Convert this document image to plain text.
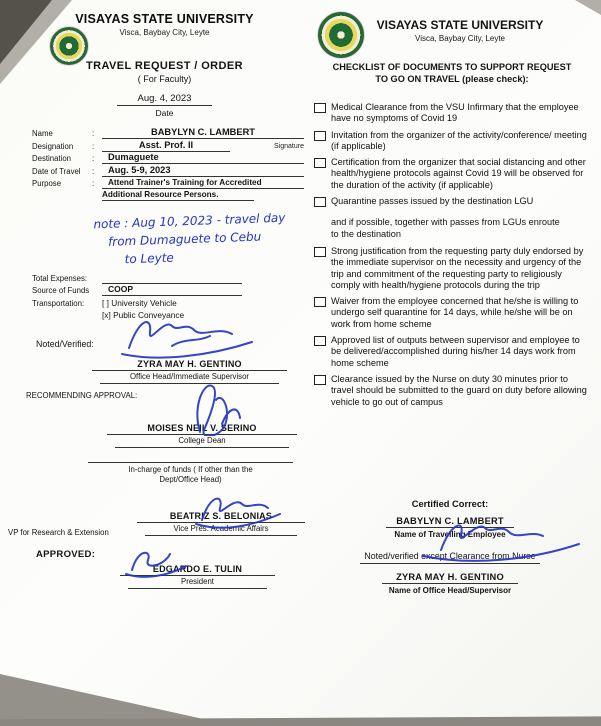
VISAYAS STATE UNIVERSITY
Visca, Baybay City, Leyte
TRAVEL REQUEST / ORDER
( For Faculty)
Aug. 4, 2023
Date
Name	:	BABYLYN C. LAMBERT
Designation	:	Asst. Prof. II	Signature
Destination	:	Dumaguete
Date of Travel	:	Aug. 5-9, 2023
Purpose	:	Attend Trainer's Training for Accredited
Additional Resource Persons.
note : Aug 10, 2023 - travel day
from Dumaguete to Cebu
to Leyte
Total Expenses:
Source of Funds	COOP
Transportation:	[ ] University Vehicle
[x] Public Conveyance
Noted/Verified:
ZYRA MAY H. GENTINO
Office Head/Immediate Supervisor
RECOMMENDING APPROVAL:
MOISES NEIL V. SERINO
College Dean
In-charge of funds ( If other than the
Dept/Office Head)
BEATRIZ S. BELONIAS
Vice Pres. Academic Affairs
VP for Research & Extension
APPROVED:
EDGARDO E. TULIN
President
VISAYAS STATE UNIVERSITY
Visca, Baybay City, Leyte
CHECKLIST OF DOCUMENTS TO SUPPORT REQUEST
TO GO ON TRAVEL (please check):
Medical Clearance from the VSU Infirmary that the employee have no symptoms of Covid 19
Invitation from the organizer of the activity/conference/ meeting (if applicable)
Certification from the organizer that social distancing and other health/hygiene protocols against Covid 19 will be observed for the duration of the activity (if applicable)
Quarantine passes issued by the destination LGU
and if possible, together with passes from LGUs enroute to the destination
Strong justification from the requesting party duly endorsed by the immediate supervisor on the necessity and urgency of the trip and commitment of the requesting party to religiously comply with health/hygiene protocols during the trip
Waiver from the employee concerned that he/she is willing to undergo self quarantine for 14 days, while he/she will be on work from home scheme
Approved list of outputs between supervisor and employee to be delivered/accomplished during his/her 14 days work from home scheme
Clearance issued by the Nurse on duty 30 minutes prior to travel should be submitted to the guard on duty before allowing vehicle to go out of campus
Certified Correct:
BABYLYN C. LAMBERT
Name of Travelling Employee
Noted/verified except Clearance from Nurse
ZYRA MAY H. GENTINO
Name of Office Head/Supervisor
